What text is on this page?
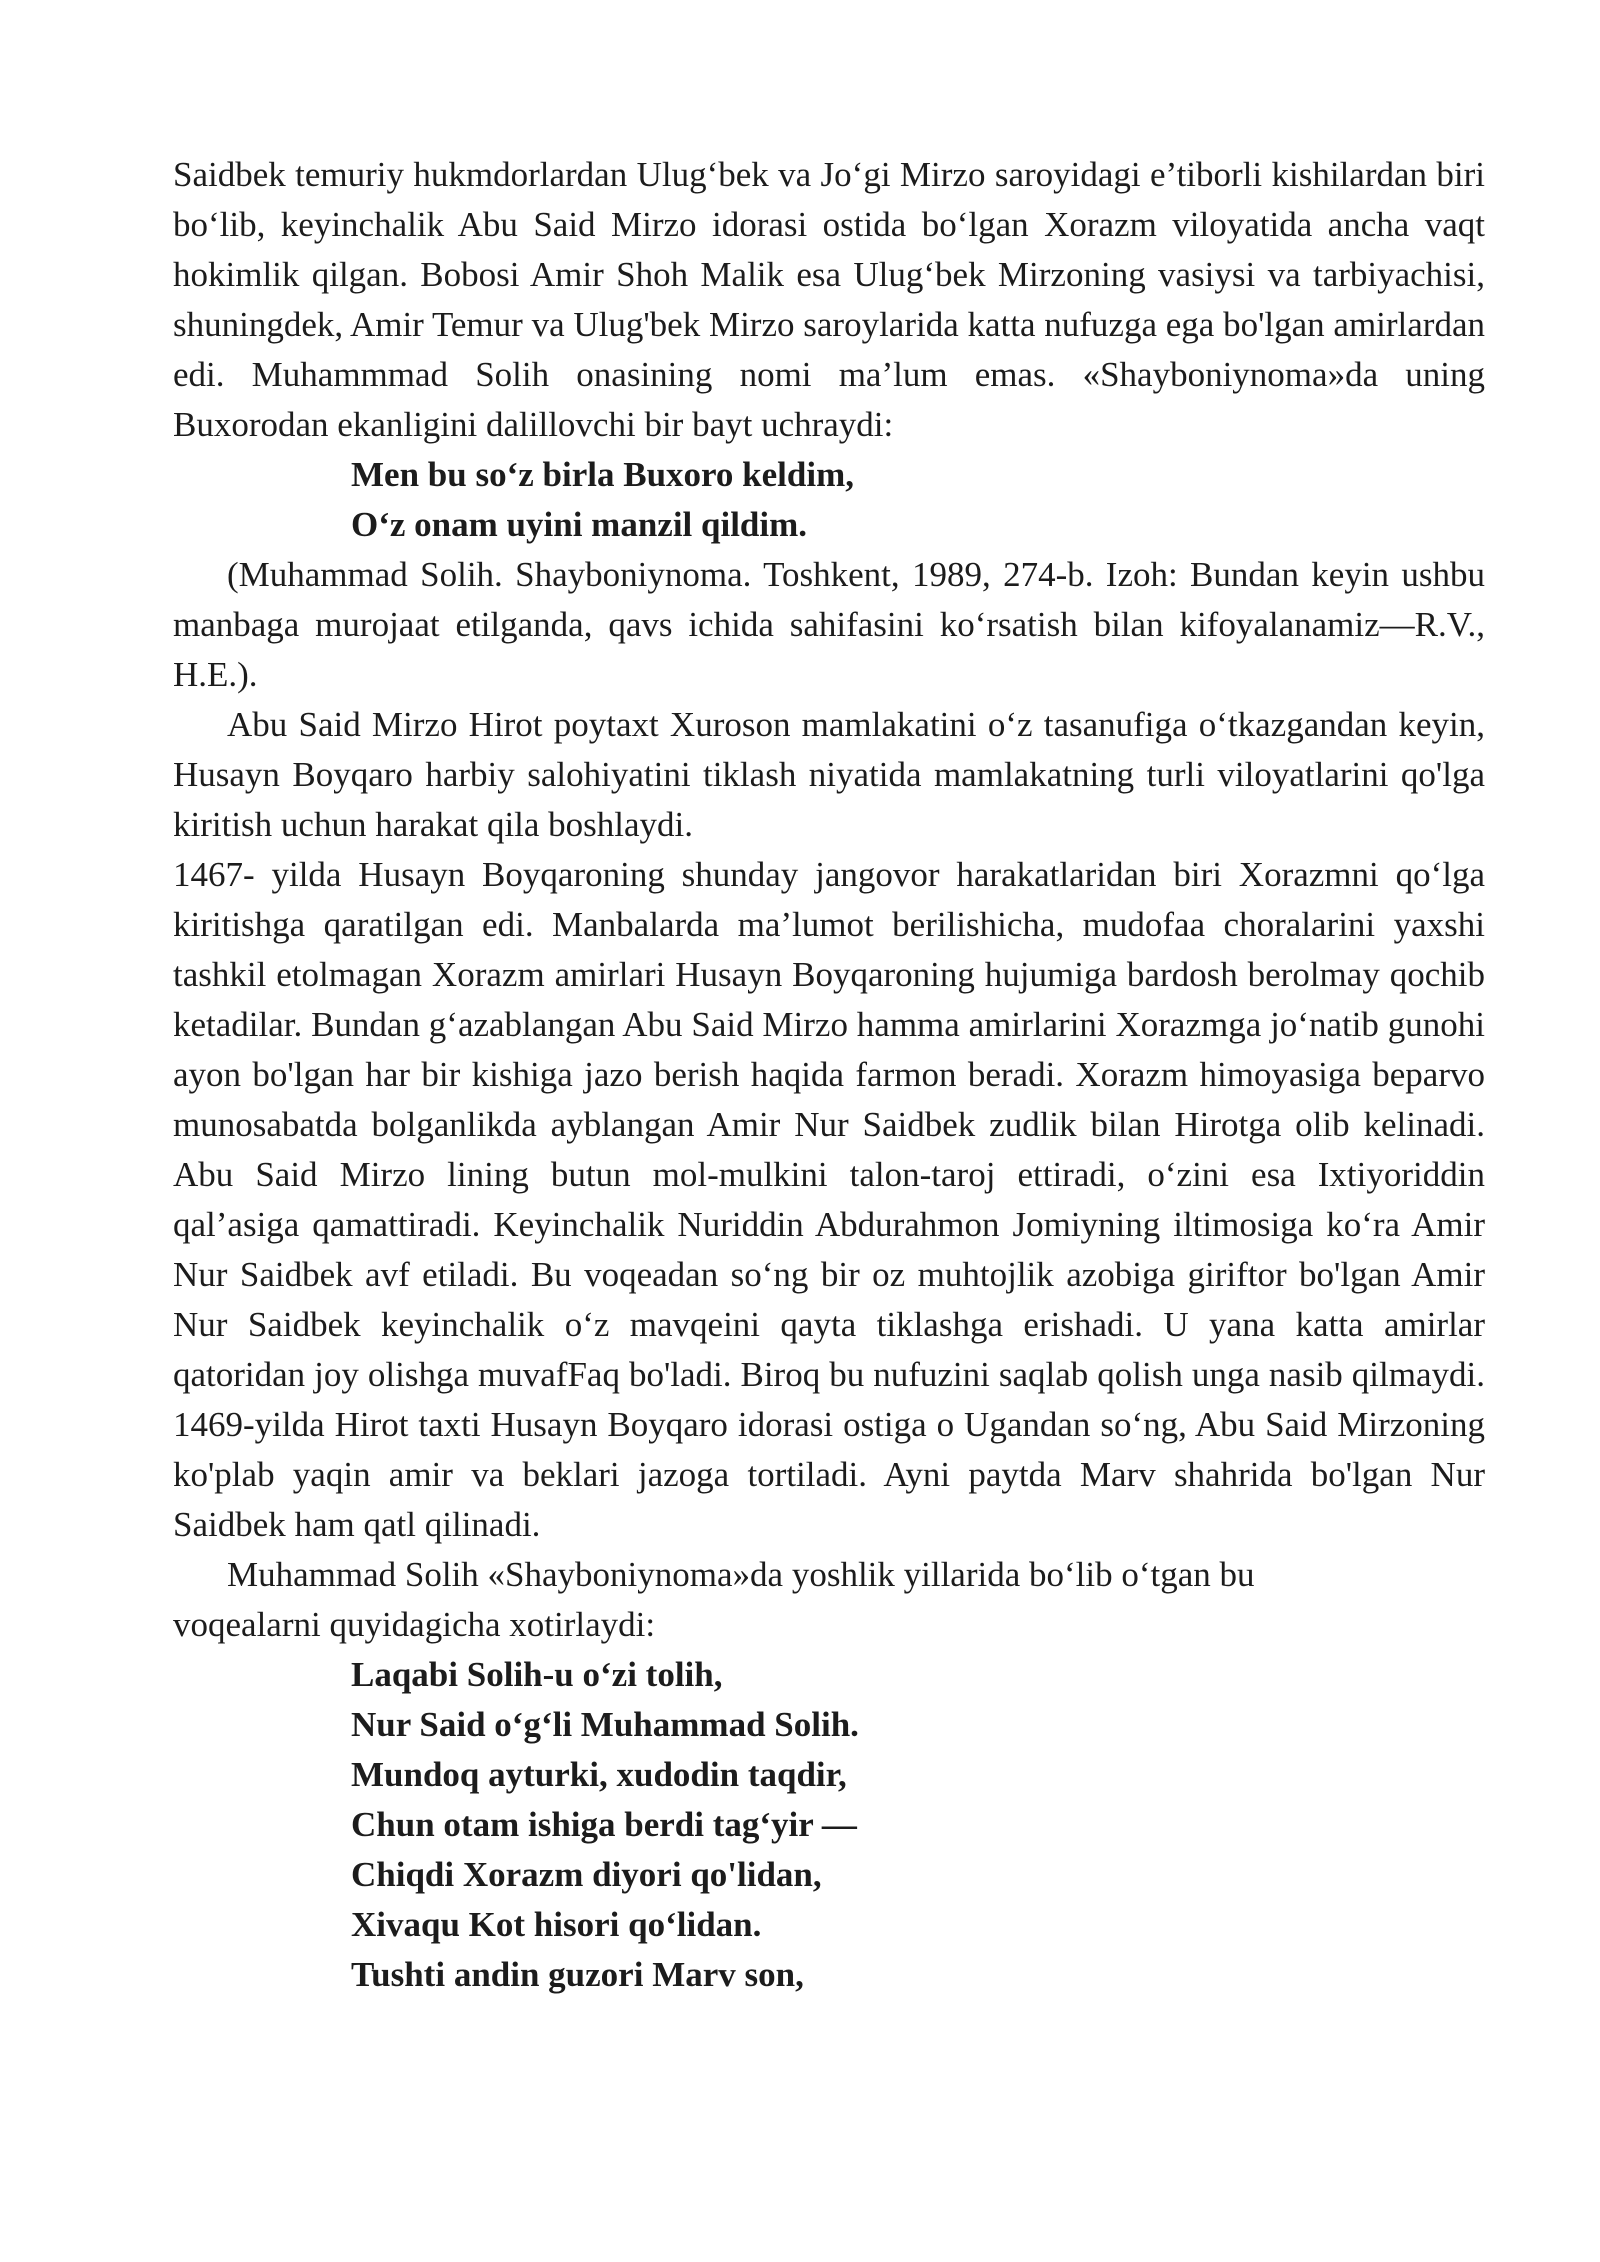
Saidbek temuriy hukmdorlardan Ulug‘bek va Jo‘gi Mirzo saroyidagi e’tiborli kishilardan biri bo‘lib, keyinchalik Abu Said Mirzo idorasi ostida bo‘lgan Xorazm viloyatida ancha vaqt hokimlik qilgan. Bobosi Amir Shoh Malik esa Ulug‘bek Mirzoning vasiysi va tarbiyachisi, shuningdek, Amir Temur va Ulug'bek Mirzo saroylarida katta nufuzga ega bo'lgan amirlardan edi. Muhammmad Solih onasining nomi ma’lum emas. «Shayboniynoma»da uning Buxorodan ekanligini dalillovchi bir bayt uchraydi:

Men bu so‘z birla Buxoro keldim,
O‘z onam uyini manzil qildim.

(Muhammad Solih. Shayboniynoma. Toshkent, 1989, 274-b. Izoh: Bundan keyin ushbu manbaga murojaat etilganda, qavs ichida sahifasini ko‘rsatish bilan kifoyalanamiz—R.V., H.E.).

Abu Said Mirzo Hirot poytaxt Xuroson mamlakatini o‘z tasanufiga o‘tkazgandan keyin, Husayn Boyqaro harbiy salohiyatini tiklash niyatida mamlakatning turli viloyatlarini qo'lga kiritish uchun harakat qila boshlaydi.

1467- yilda Husayn Boyqaroning shunday jangovor harakatlaridan biri Xorazmni qo‘lga kiritishga qaratilgan edi. Manbalarda ma’lumot berilishicha, mudofaa choralarini yaxshi tashkil etolmagan Xorazm amirlari Husayn Boyqaroning hujumiga bardosh berolmay qochib ketadilar. Bundan g‘azablangan Abu Said Mirzo hamma amirlarini Xorazmga jo‘natib gunohi ayon bo'lgan har bir kishiga jazo berish haqida farmon beradi. Xorazm himoyasiga beparvo munosabatda bolganlikda ayblangan Amir Nur Saidbek zudlik bilan Hirotga olib kelinadi. Abu Said Mirzo lining butun mol-mulkini talon-taroj ettiradi, o‘zini esa Ixtiyoriddin qal’asiga qamattiradi. Keyinchalik Nuriddin Abdurahmon Jomiyning iltimosiga ko‘ra Amir Nur Saidbek avf etiladi. Bu voqeadan so‘ng bir oz muhtojlik azobiga giriftor bo'lgan Amir Nur Saidbek keyinchalik o‘z mavqeini qayta tiklashga erishadi. U yana katta amirlar qatoridan joy olishga muvafFaq bo'ladi. Biroq bu nufuzini saqlab qolish unga nasib qilmaydi. 1469-yilda Hirot taxti Husayn Boyqaro idorasi ostiga o Ugandan so‘ng, Abu Said Mirzoning ko'plab yaqin amir va beklari jazoga tortiladi. Ayni paytda Marv shahrida bo'lgan Nur Saidbek ham qatl qilinadi.

Muhammad Solih «Shayboniynoma»da yoshlik yillarida bo‘lib o‘tgan bu

voqealarni quyidagicha xotirlaydi:

Laqabi Solih-u o‘zi tolih,
Nur Said o‘g‘li Muhammad Solih.
Mundoq ayturki, xudodin taqdir,
Chun otam ishiga berdi tag‘yir —
Chiqdi Xorazm diyori qo'lidan,
Xivaqu Kot hisori qo‘lidan.
Tushti andin guzori Marv son,
